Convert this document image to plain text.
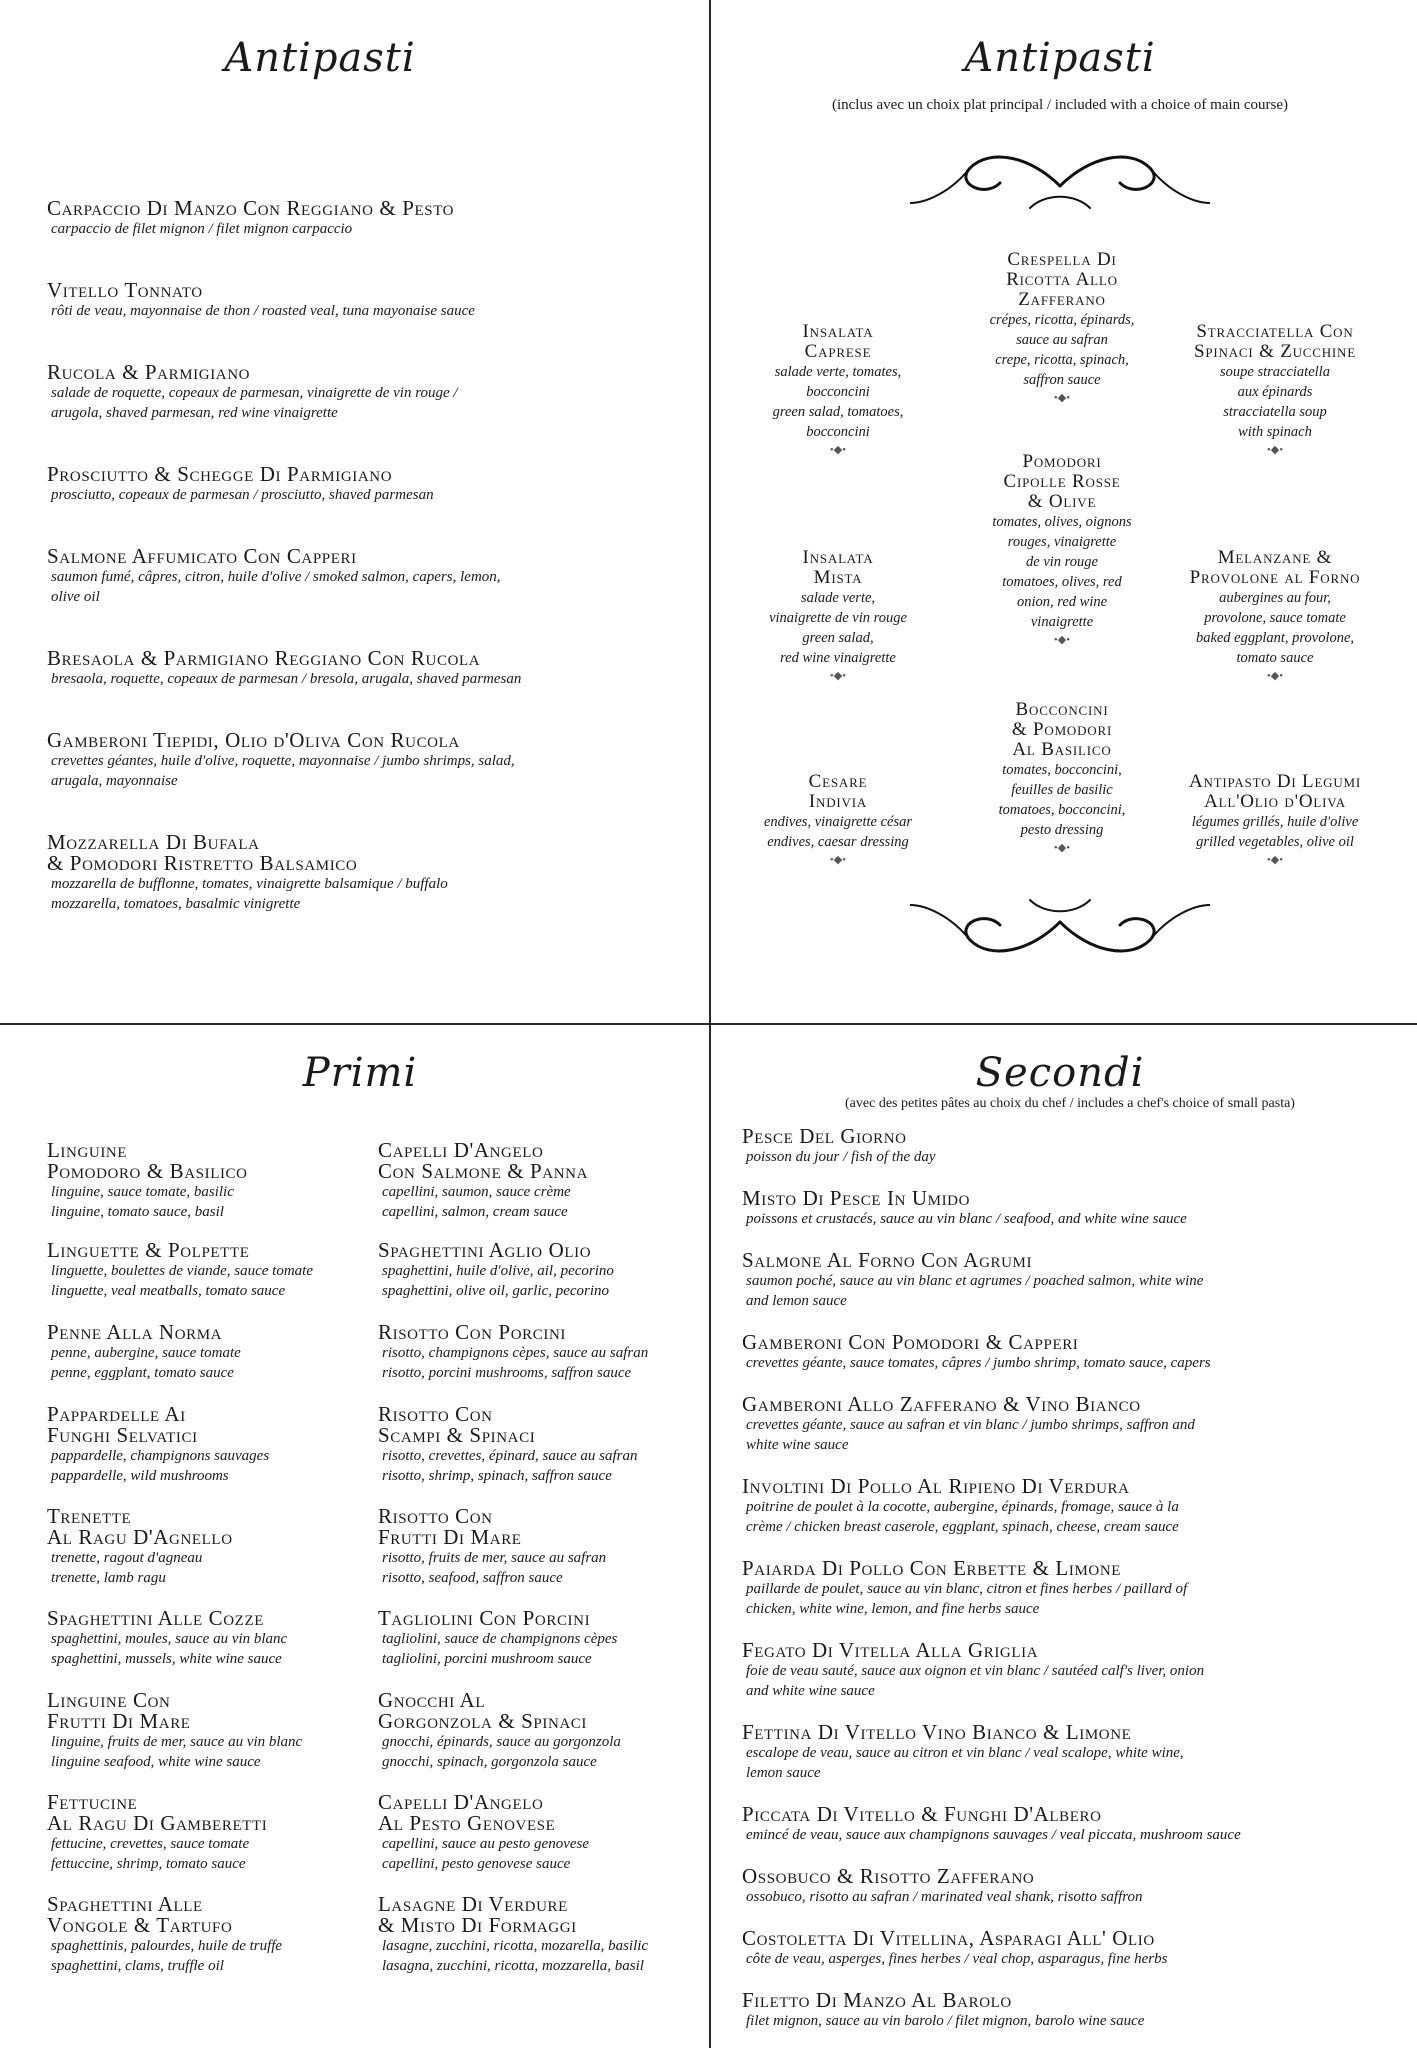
Antipasti
Carpaccio Di Manzo Con Reggiano & Pesto
carpaccio de filet mignon / filet mignon carpaccio
Vitello Tonnato
rôti de veau, mayonnaise de thon / roasted veal, tuna mayonaise sauce
Rucola & Parmigiano
salade de roquette, copeaux de parmesan, vinaigrette de vin rouge /
arugola, shaved parmesan, red wine vinaigrette
Prosciutto & Schegge Di Parmigiano
prosciutto, copeaux de parmesan / prosciutto, shaved parmesan
Salmone Affumicato Con Capperi
saumon fumé, câpres, citron, huile d'olive / smoked salmon, capers, lemon,
olive oil
Bresaola & Parmigiano Reggiano Con Rucola
bresaola, roquette, copeaux de parmesan / bresola, arugala, shaved parmesan
Gamberoni Tiepidi, Olio d'Oliva Con Rucola
crevettes géantes, huile d'olive, roquette, mayonnaise / jumbo shrimps, salad,
arugala, mayonnaise
Mozzarella Di Bufala
& Pomodori Ristretto Balsamico
mozzarella de bufflonne, tomates, vinaigrette balsamique / buffalo
mozzarella, tomatoes, basalmic vinigrette
Antipasti
(inclus avec un choix plat principal / included with a choice of main course)
Insalata
Caprese
salade verte, tomates,
bocconcini
green salad, tomatoes,
bocconcini
•◆•
Crespella Di
Ricotta Allo
Zafferano
crépes, ricotta, épinards,
sauce au safran
crepe, ricotta, spinach,
saffron sauce
•◆•
Stracciatella Con
Spinaci & Zucchine
soupe stracciatella
aux épinards
stracciatella soup
with spinach
•◆•
Insalata
Mista
salade verte,
vinaigrette de vin rouge
green salad,
red wine vinaigrette
•◆•
Pomodori
Cipolle Rosse
& Olive
tomates, olives, oignons
rouges, vinaigrette
de vin rouge
tomatoes, olives, red
onion, red wine
vinaigrette
•◆•
Melanzane &
Provolone al Forno
aubergines au four,
provolone, sauce tomate
baked eggplant, provolone,
tomato sauce
•◆•
Cesare
Indivia
endives, vinaigrette césar
endives, caesar dressing
•◆•
Bocconcini
& Pomodori
Al Basilico
tomates, bocconcini,
feuilles de basilic
tomatoes, bocconcini,
pesto dressing
•◆•
Antipasto Di Legumi
All'Olio d'Oliva
légumes grillés, huile d'olive
grilled vegetables, olive oil
•◆•
Primi
Linguine
Pomodoro & Basilico
linguine, sauce tomate, basilic
linguine, tomato sauce, basil
Linguette & Polpette
linguette, boulettes de viande, sauce tomate
linguette, veal meatballs, tomato sauce
Penne Alla Norma
penne, aubergine, sauce tomate
penne, eggplant, tomato sauce
Pappardelle Ai
Funghi Selvatici
pappardelle, champignons sauvages
pappardelle, wild mushrooms
Trenette
Al Ragu D'Agnello
trenette, ragout d'agneau
trenette, lamb ragu
Spaghettini Alle Cozze
spaghettini, moules, sauce au vin blanc
spaghettini, mussels, white wine sauce
Linguine Con
Frutti Di Mare
linguine, fruits de mer, sauce au vin blanc
linguine seafood, white wine sauce
Fettucine
Al Ragu Di Gamberetti
fettucine, crevettes, sauce tomate
fettuccine, shrimp, tomato sauce
Spaghettini Alle
Vongole & Tartufo
spaghettinis, palourdes, huile de truffe
spaghettini, clams, truffle oil
Capelli D'Angelo
Con Salmone & Panna
capellini, saumon, sauce crème
capellini, salmon, cream sauce
Spaghettini Aglio Olio
spaghettini, huile d'olive, ail, pecorino
spaghettini, olive oil, garlic, pecorino
Risotto Con Porcini
risotto, champignons cèpes, sauce au safran
risotto, porcini mushrooms, saffron sauce
Risotto Con
Scampi & Spinaci
risotto, crevettes, épinard, sauce au safran
risotto, shrimp, spinach, saffron sauce
Risotto Con
Frutti Di Mare
risotto, fruits de mer, sauce au safran
risotto, seafood, saffron sauce
Tagliolini Con Porcini
tagliolini, sauce de champignons cèpes
tagliolini, porcini mushroom sauce
Gnocchi Al
Gorgonzola & Spinaci
gnocchi, épinards, sauce au gorgonzola
gnocchi, spinach, gorgonzola sauce
Capelli D'Angelo
Al Pesto Genovese
capellini, sauce au pesto genovese
capellini, pesto genovese sauce
Lasagne Di Verdure
& Misto Di Formaggi
lasagne, zucchini, ricotta, mozarella, basilic
lasagna, zucchini, ricotta, mozzarella, basil
Secondi
(avec des petites pâtes au choix du chef / includes a chef's choice of small pasta)
Pesce Del Giorno
poisson du jour / fish of the day
Misto Di Pesce In Umido
poissons et crustacés, sauce au vin blanc / seafood, and white wine sauce
Salmone Al Forno Con Agrumi
saumon poché, sauce au vin blanc et agrumes / poached salmon, white wine
and lemon sauce
Gamberoni Con Pomodori & Capperi
crevettes géante, sauce tomates, câpres / jumbo shrimp, tomato sauce, capers
Gamberoni Allo Zafferano & Vino Bianco
crevettes géante, sauce au safran et vin blanc / jumbo shrimps, saffron and
white wine sauce
Involtini Di Pollo Al Ripieno Di Verdura
poitrine de poulet à la cocotte, aubergine, épinards, fromage, sauce à la
crème / chicken breast caserole, eggplant, spinach, cheese, cream sauce
Paiarda Di Pollo Con Erbette & Limone
paillarde de poulet, sauce au vin blanc, citron et fines herbes / paillard of
chicken, white wine, lemon, and fine herbs sauce
Fegato Di Vitella Alla Griglia
foie de veau sauté, sauce aux oignon et vin blanc / sautéed calf's liver, onion
and white wine sauce
Fettina Di Vitello Vino Bianco & Limone
escalope de veau, sauce au citron et vin blanc / veal scalope, white wine,
lemon sauce
Piccata Di Vitello & Funghi D'Albero
emincé de veau, sauce aux champignons sauvages / veal piccata, mushroom sauce
Ossobuco & Risotto Zafferano
ossobuco, risotto au safran / marinated veal shank, risotto saffron
Costoletta Di Vitellina, Asparagi All' Olio
côte de veau, asperges, fines herbes / veal chop, asparagus, fine herbs
Filetto Di Manzo Al Barolo
filet mignon, sauce au vin barolo / filet mignon, barolo wine sauce
